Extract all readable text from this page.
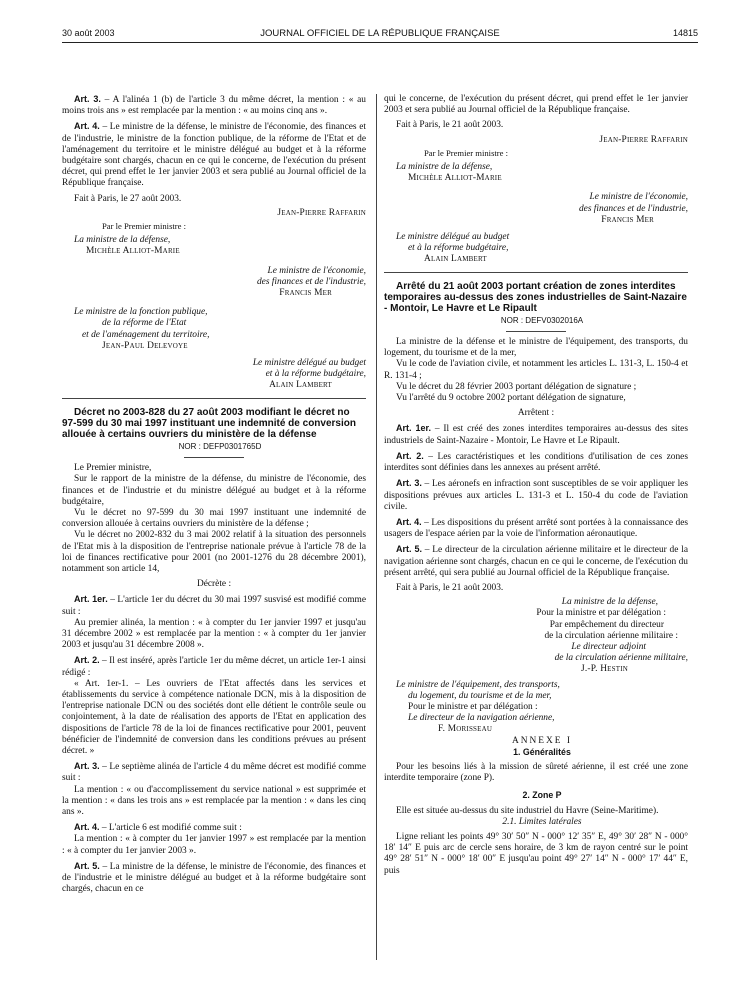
30 août 2003	JOURNAL OFFICIEL DE LA RÉPUBLIQUE FRANÇAISE	14815

Art. 3. – A l'alinéa 1 (b) de l'article 3 du même décret, la mention : « au moins trois ans » est remplacée par la mention : « au moins cinq ans ».

Art. 4. – Le ministre de la défense, le ministre de l'économie, des finances et de l'industrie, le ministre de la fonction publique, de la réforme de l'Etat et de l'aménagement du territoire et le ministre délégué au budget et à la réforme budgétaire sont chargés, chacun en ce qui le concerne, de l'exécution du présent décret, qui prend effet le 1er janvier 2003 et sera publié au Journal officiel de la République française.

Fait à Paris, le 27 août 2003.

Jean-Pierre Raffarin

Par le Premier ministre :

La ministre de la défense,

Michèle Alliot-Marie

Le ministre de l'économie,

des finances et de l'industrie,

Francis Mer

Le ministre de la fonction publique,

de la réforme de l'Etat

et de l'aménagement du territoire,

Jean-Paul Delevoye

Le ministre délégué au budget

et à la réforme budgétaire,

Alain Lambert

Décret no 2003-828 du 27 août 2003 modifiant le décret no 97-599 du 30 mai 1997 instituant une indemnité de conversion allouée à certains ouvriers du ministère de la défense

NOR : DEFP0301765D

Le Premier ministre,

Sur le rapport de la ministre de la défense, du ministre de l'économie, des finances et de l'industrie et du ministre délégué au budget et à la réforme budgétaire,

Vu le décret no 97-599 du 30 mai 1997 instituant une indemnité de conversion allouée à certains ouvriers du ministère de la défense ;

Vu le décret no 2002-832 du 3 mai 2002 relatif à la situation des personnels de l'Etat mis à la disposition de l'entreprise nationale prévue à l'article 78 de la loi de finances rectificative pour 2001 (no 2001-1276 du 28 décembre 2001), notamment son article 14,

Décrète :

Art. 1er. – L'article 1er du décret du 30 mai 1997 susvisé est modifié comme suit :

Au premier alinéa, la mention : « à compter du 1er janvier 1997 et jusqu'au 31 décembre 2002 » est remplacée par la mention : « à compter du 1er janvier 2003 et jusqu'au 31 décembre 2008 ».

Art. 2. – Il est inséré, après l'article 1er du même décret, un article 1er-1 ainsi rédigé :

« Art. 1er-1. – Les ouvriers de l'Etat affectés dans les services et établissements du service à compétence nationale DCN, mis à la disposition de l'entreprise nationale DCN ou des sociétés dont elle détient le contrôle seule ou conjointement, à la date de réalisation des apports de l'Etat en application des dispositions de l'article 78 de la loi de finances rectificative pour 2001, peuvent bénéficier de l'indemnité de conversion dans les conditions prévues au présent décret. »

Art. 3. – Le septième alinéa de l'article 4 du même décret est modifié comme suit :

La mention : « ou d'accomplissement du service national » est supprimée et la mention : « dans les trois ans » est remplacée par la mention : « dans les cinq ans ».

Art. 4. – L'article 6 est modifié comme suit :

La mention : « à compter du 1er janvier 1997 » est remplacée par la mention : « à compter du 1er janvier 2003 ».

Art. 5. – La ministre de la défense, le ministre de l'économie, des finances et de l'industrie et le ministre délégué au budget et à la réforme budgétaire sont chargés, chacun en ce

qui le concerne, de l'exécution du présent décret, qui prend effet le 1er janvier 2003 et sera publié au Journal officiel de la République française.

Fait à Paris, le 21 août 2003.

Jean-Pierre Raffarin

Par le Premier ministre :

La ministre de la défense,

Michèle Alliot-Marie

Le ministre de l'économie,

des finances et de l'industrie,

Francis Mer

Le ministre délégué au budget

et à la réforme budgétaire,

Alain Lambert

Arrêté du 21 août 2003 portant création de zones interdites temporaires au-dessus des zones industrielles de Saint-Nazaire - Montoir, Le Havre et Le Ripault

NOR : DEFV0302016A

La ministre de la défense et le ministre de l'équipement, des transports, du logement, du tourisme et de la mer,

Vu le code de l'aviation civile, et notamment les articles L. 131-3, L. 150-4 et R. 131-4 ;

Vu le décret du 28 février 2003 portant délégation de signature ;

Vu l'arrêté du 9 octobre 2002 portant délégation de signature,

Arrêtent :

Art. 1er. – Il est créé des zones interdites temporaires au-dessus des sites industriels de Saint-Nazaire - Montoir, Le Havre et Le Ripault.

Art. 2. – Les caractéristiques et les conditions d'utilisation de ces zones interdites sont définies dans les annexes au présent arrêté.

Art. 3. – Les aéronefs en infraction sont susceptibles de se voir appliquer les dispositions prévues aux articles L. 131-3 et L. 150-4 du code de l'aviation civile.

Art. 4. – Les dispositions du présent arrêté sont portées à la connaissance des usagers de l'espace aérien par la voie de l'information aéronautique.

Art. 5. – Le directeur de la circulation aérienne militaire et le directeur de la navigation aérienne sont chargés, chacun en ce qui le concerne, de l'exécution du présent arrêté, qui sera publié au Journal officiel de la République française.

Fait à Paris, le 21 août 2003.

La ministre de la défense,

Pour la ministre et par délégation :

Par empêchement du directeur

de la circulation aérienne militaire :

Le directeur adjoint

de la circulation aérienne militaire,

J.-P. Hestin

Le ministre de l'équipement, des transports,

du logement, du tourisme et de la mer,

Pour le ministre et par délégation :

Le directeur de la navigation aérienne,

F. Morisseau

ANNEXE I

1. Généralités

Pour les besoins liés à la mission de sûreté aérienne, il est créé une zone interdite temporaire (zone P).

2. Zone P

Elle est située au-dessus du site industriel du Havre (Seine-Maritime).

2.1. Limites latérales

Ligne reliant les points 49° 30′ 50″ N - 000° 12′ 35″ E, 49° 30′ 28″ N - 000° 18′ 14″ E puis arc de cercle sens horaire, de 3 km de rayon centré sur le point 49° 28′ 51″ N - 000° 18′ 00″ E jusqu'au point 49° 27′ 14″ N - 000° 17′ 44″ E, puis
